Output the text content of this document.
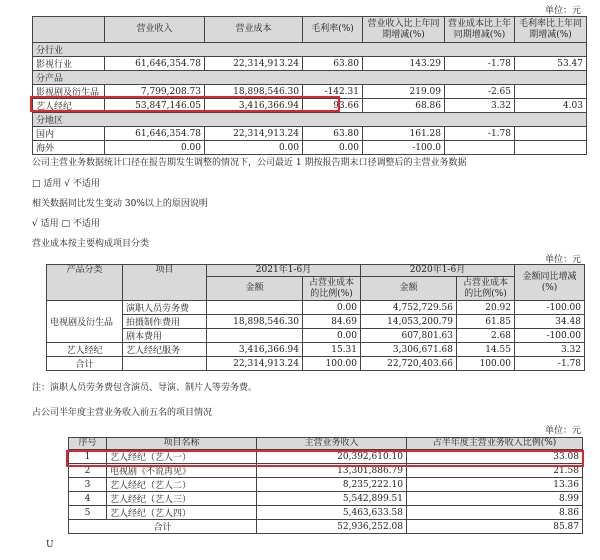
单位：元
	营业收入	营业成本	毛利率(%)	营业收入比上年同期增减(%)	营业成本比上年同期增减(%)	毛利率比上年同期增减(%)
分行业						
影视行业	61,646,354.78	22,314,913.24	63.80	143.29	-1.78	53.47
分产品						
影视剧及衍生品	7,799,208.73	18,898,546.30	-142.31	219.09	-2.65	
艺人经纪	53,847,146.05	3,416,366.94	93.66	68.86	3.32	4.03
分地区						
国内	61,646,354.78	22,314,913.24	63.80	161.28	-1.78	
海外	0.00	0.00	0.00	-100.0		
公司主营业务数据统计口径在报告期发生调整的情况下，公司最近 1 期按报告期末口径调整后的主营业务数据
□ 适用 √ 不适用
相关数据同比发生变动 30%以上的原因说明
√ 适用 □ 不适用
营业成本按主要构成项目分类
单位：元
产品分类	项目	2021年1-6月		2020年1-6月		金额同比增减(%)
		金额	占营业成本的比例(%)	金额	占营业成本的比例(%)	
电视剧及衍生品	演职人员劳务费		0.00	4,752,729.56	20.92	-100.00
	拍摄制作费用	18,898,546.30	84.69	14,053,200.79	61.85	34.48
	剧本费用		0.00	607,801.63	2.68	-100.00
艺人经纪	艺人经纪服务	3,416,366.94	15.31	3,306,671.68	14.55	3.32
合计		22,314,913.24	100.00	22,720,403.66	100.00	-1.78
注：演职人员劳务费包含演员、导演、制片人等劳务费。
占公司半年度主营业务收入前五名的项目情况
单位：元
序号	项目名称	主营业务收入	占半年度主营业务收入比例(%)
1	艺人经纪（艺人一）	20,392,610.10	33.08
2	电视剧《不说再见》	13,301,886.79	21.58
3	艺人经纪（艺人二）	8,235,222.10	13.36
4	艺人经纪（艺人三）	5,542,899.51	8.99
5	艺人经纪（艺人四）	5,463,633.58	8.86
合计		52,936,252.08	85.87
U
